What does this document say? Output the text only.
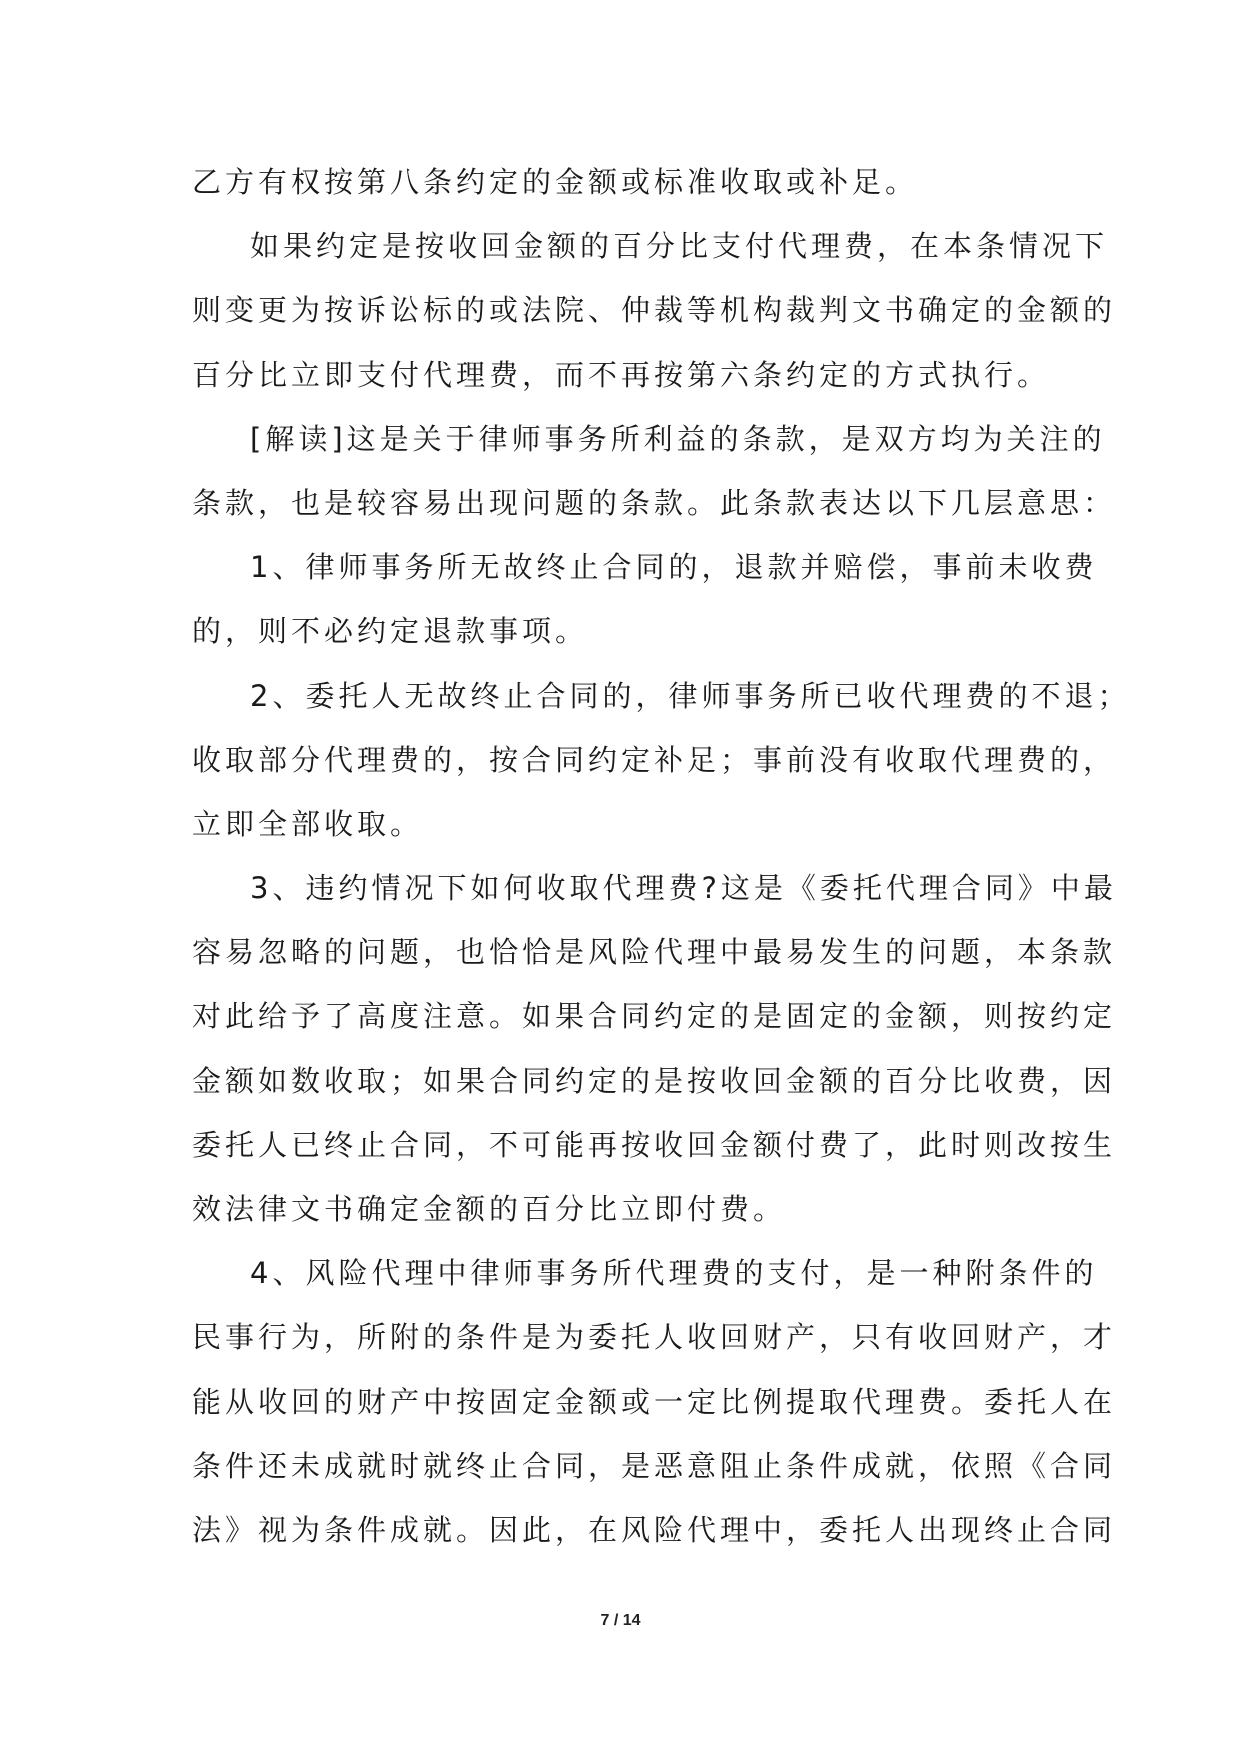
乙方有权按第八条约定的金额或标准收取或补足。
如果约定是按收回金额的百分比支付代理费，在本条情况下
则变更为按诉讼标的或法院、仲裁等机构裁判文书确定的金额的
百分比立即支付代理费，而不再按第六条约定的方式执行。
[解读]这是关于律师事务所利益的条款，是双方均为关注的
条款，也是较容易出现问题的条款。此条款表达以下几层意思：
1、律师事务所无故终止合同的，退款并赔偿，事前未收费
的，则不必约定退款事项。
2、委托人无故终止合同的，律师事务所已收代理费的不退；
收取部分代理费的，按合同约定补足；事前没有收取代理费的，
立即全部收取。
3、违约情况下如何收取代理费?这是《委托代理合同》中最
容易忽略的问题，也恰恰是风险代理中最易发生的问题，本条款
对此给予了高度注意。如果合同约定的是固定的金额，则按约定
金额如数收取；如果合同约定的是按收回金额的百分比收费，因
委托人已终止合同，不可能再按收回金额付费了，此时则改按生
效法律文书确定金额的百分比立即付费。
4、风险代理中律师事务所代理费的支付，是一种附条件的
民事行为，所附的条件是为委托人收回财产，只有收回财产，才
能从收回的财产中按固定金额或一定比例提取代理费。委托人在
条件还未成就时就终止合同，是恶意阻止条件成就，依照《合同
法》视为条件成就。因此，在风险代理中，委托人出现终止合同
7 / 14
